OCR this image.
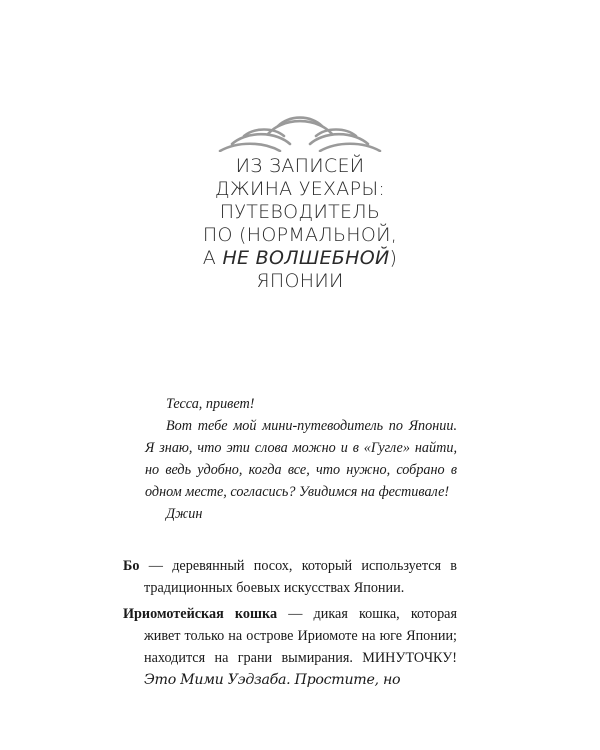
ИЗ ЗАПИСЕЙ
ДЖИНА УЕХАРЫ:
ПУТЕВОДИТЕЛЬ
ПО (НОРМАЛЬНОЙ,
А НЕ ВОЛШЕБНОЙ)
ЯПОНИИ

Тесса, привет!

Вот тебе мой мини-путеводитель по Японии. Я знаю, что эти слова можно и в «Гугле» найти, но ведь удобно, когда все, что нужно, собрано в одном месте, согласись? Увидимся на фестивале!

Джин

Бо — деревянный посох, который используется в традиционных боевых искусствах Японии.

Ириомотейская кошка — дикая кошка, которая живет только на острове Ириомоте на юге Японии; находится на грани вымирания. МИНУТОЧКУ! Это Мими Уэдзаба. Простите, но
